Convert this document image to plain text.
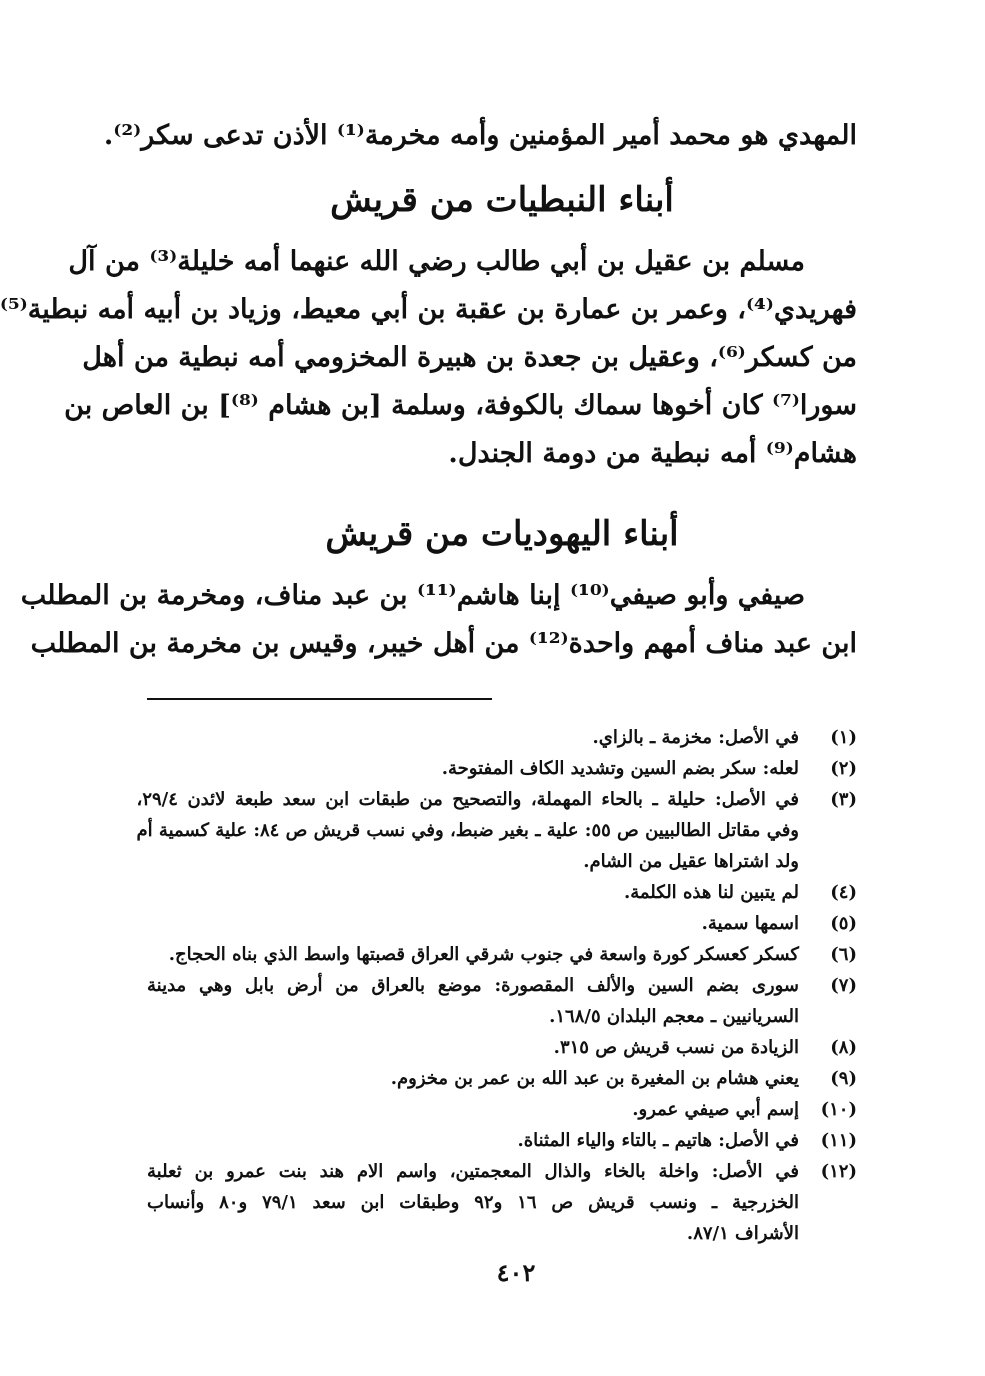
المهدي هو محمد أمير المؤمنين وأمه مخرمة⁽¹⁾ الأذن تدعى سكر⁽²⁾.
أبناء النبطيات من قريش
مسلم بن عقيل بن أبي طالب رضي الله عنهما أمه خليلة⁽³⁾ من آل
فهريدي⁽⁴⁾، وعمر بن عمارة بن عقبة بن أبي معيط، وزياد بن أبيه أمه نبطية⁽⁵⁾
من كسكر⁽⁶⁾، وعقيل بن جعدة بن هبيرة المخزومي أمه نبطية من أهل
سورا⁽⁷⁾ كان أخوها سماك بالكوفة، وسلمة [بن هشام ⁽⁸⁾] بن العاص بن
هشام⁽⁹⁾ أمه نبطية من دومة الجندل.
أبناء اليهوديات من قريش
صيفي وأبو صيفي⁽¹⁰⁾ إبنا هاشم⁽¹¹⁾ بن عبد مناف، ومخرمة بن المطلب
ابن عبد مناف أمهم واحدة⁽¹²⁾ من أهل خيبر، وقيس بن مخرمة بن المطلب
(١)
في الأصل: مخزمة ـ بالزاي.
(٢)
لعله: سكر بضم السين وتشديد الكاف المفتوحة.
(٣)
في الأصل: حليلة ـ بالحاء المهملة، والتصحيح من طبقات ابن سعد طبعة لائدن ٢٩/٤،
وفي مقاتل الطالبيين ص ٥٥: علية ـ بغير ضبط، وفي نسب قريش ص ٨٤: علية كسمية أم
ولد اشتراها عقيل من الشام.
(٤)
لم يتبين لنا هذه الكلمة.
(٥)
اسمها سمية.
(٦)
كسكر كعسكر كورة واسعة في جنوب شرقي العراق قصبتها واسط الذي بناه الحجاج.
(٧)
سورى بضم السين والألف المقصورة: موضع بالعراق من أرض بابل وهي مدينة
السريانيين ـ معجم البلدان ١٦٨/٥.
(٨)
الزيادة من نسب قريش ص ٣١٥.
(٩)
يعني هشام بن المغيرة بن عبد الله بن عمر بن مخزوم.
(١٠)
إسم أبي صيفي عمرو.
(١١)
في الأصل: هاتيم ـ بالتاء والياء المثناة.
(١٢)
في الأصل: واخلة بالخاء والذال المعجمتين، واسم الام هند بنت عمرو بن ثعلبة
الخزرجية ـ ونسب قريش ص ١٦ و٩٢ وطبقات ابن سعد ٧٩/١ و٨٠ وأنساب
الأشراف ٨٧/١.
٤٠٢
